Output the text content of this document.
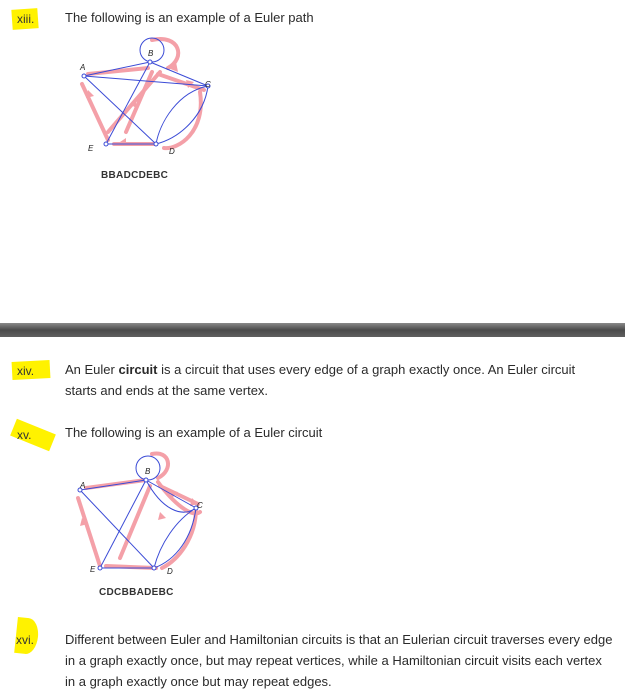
xiii. The following is an example of a Euler path
A
B
C
D
E
BBADCDEBC
xiv. An Euler circuit is a circuit that uses every edge of a graph exactly once. An Euler circuit starts and ends at the same vertex.
xv.	The following is an example of a Euler circuit
A
B
C
D
E
CDCBBADEBC
xvi. Different between Euler and Hamiltonian circuits is that an Eulerian circuit traverses every edge in a graph exactly once, but may repeat vertices, while a Hamiltonian circuit visits each vertex in a graph exactly once but may repeat edges.
